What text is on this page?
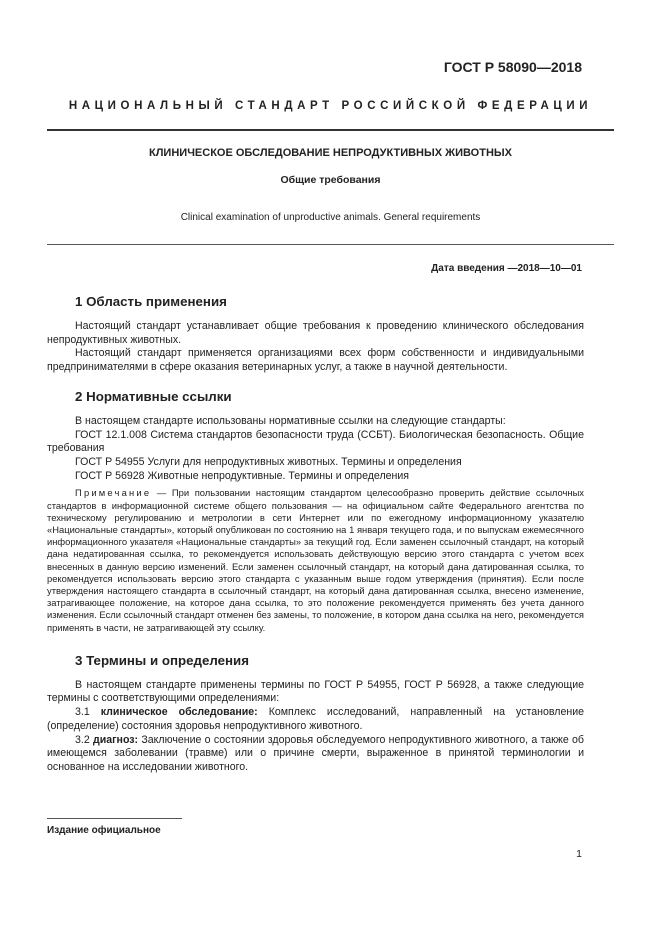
ГОСТ Р 58090—2018
НАЦИОНАЛЬНЫЙ СТАНДАРТ РОССИЙСКОЙ ФЕДЕРАЦИИ
КЛИНИЧЕСКОЕ ОБСЛЕДОВАНИЕ НЕПРОДУКТИВНЫХ ЖИВОТНЫХ
Общие требования
Clinical examination of unproductive animals. General requirements
Дата введения —2018—10—01
1 Область применения

Настоящий стандарт устанавливает общие требования к проведению клинического обследования непродуктивных животных.

Настоящий стандарт применяется организациями всех форм собственности и индивидуальными предпринимателями в сфере оказания ветеринарных услуг, а также в научной деятельности.

2 Нормативные ссылки

В настоящем стандарте использованы нормативные ссылки на следующие стандарты:

ГОСТ 12.1.008 Система стандартов безопасности труда (ССБТ). Биологическая безопасность. Общие требования

ГОСТ Р 54955 Услуги для непродуктивных животных. Термины и определения

ГОСТ Р 56928 Животные непродуктивные. Термины и определения

Примечание — При пользовании настоящим стандартом целесообразно проверить действие ссылочных стандартов в информационной системе общего пользования — на официальном сайте Федерального агентства по техническому регулированию и метрологии в сети Интернет или по ежегодному информационному указателю «Национальные стандарты», который опубликован по состоянию на 1 января текущего года, и по выпускам ежемесячного информационного указателя «Национальные стандарты» за текущий год. Если заменен ссылочный стандарт, на который дана недатированная ссылка, то рекомендуется использовать действующую версию этого стандарта с учетом всех внесенных в данную версию изменений. Если заменен ссылочный стандарт, на который дана датированная ссылка, то рекомендуется использовать версию этого стандарта с указанным выше годом утверждения (принятия). Если после утверждения настоящего стандарта в ссылочный стандарт, на который дана датированная ссылка, внесено изменение, затрагивающее положение, на которое дана ссылка, то это положение рекомендуется применять без учета данного изменения. Если ссылочный стандарт отменен без замены, то положение, в котором дана ссылка на него, рекомендуется применять в части, не затрагивающей эту ссылку.

3 Термины и определения

В настоящем стандарте применены термины по ГОСТ Р 54955, ГОСТ Р 56928, а также следующие термины с соответствующими определениями:

3.1 клиническое обследование: Комплекс исследований, направленный на установление (определение) состояния здоровья непродуктивного животного.

3.2 диагноз: Заключение о состоянии здоровья обследуемого непродуктивного животного, а также об имеющемся заболевании (травме) или о причине смерти, выраженное в принятой терминологии и основанное на исследовании животного.

Издание официальное
1
